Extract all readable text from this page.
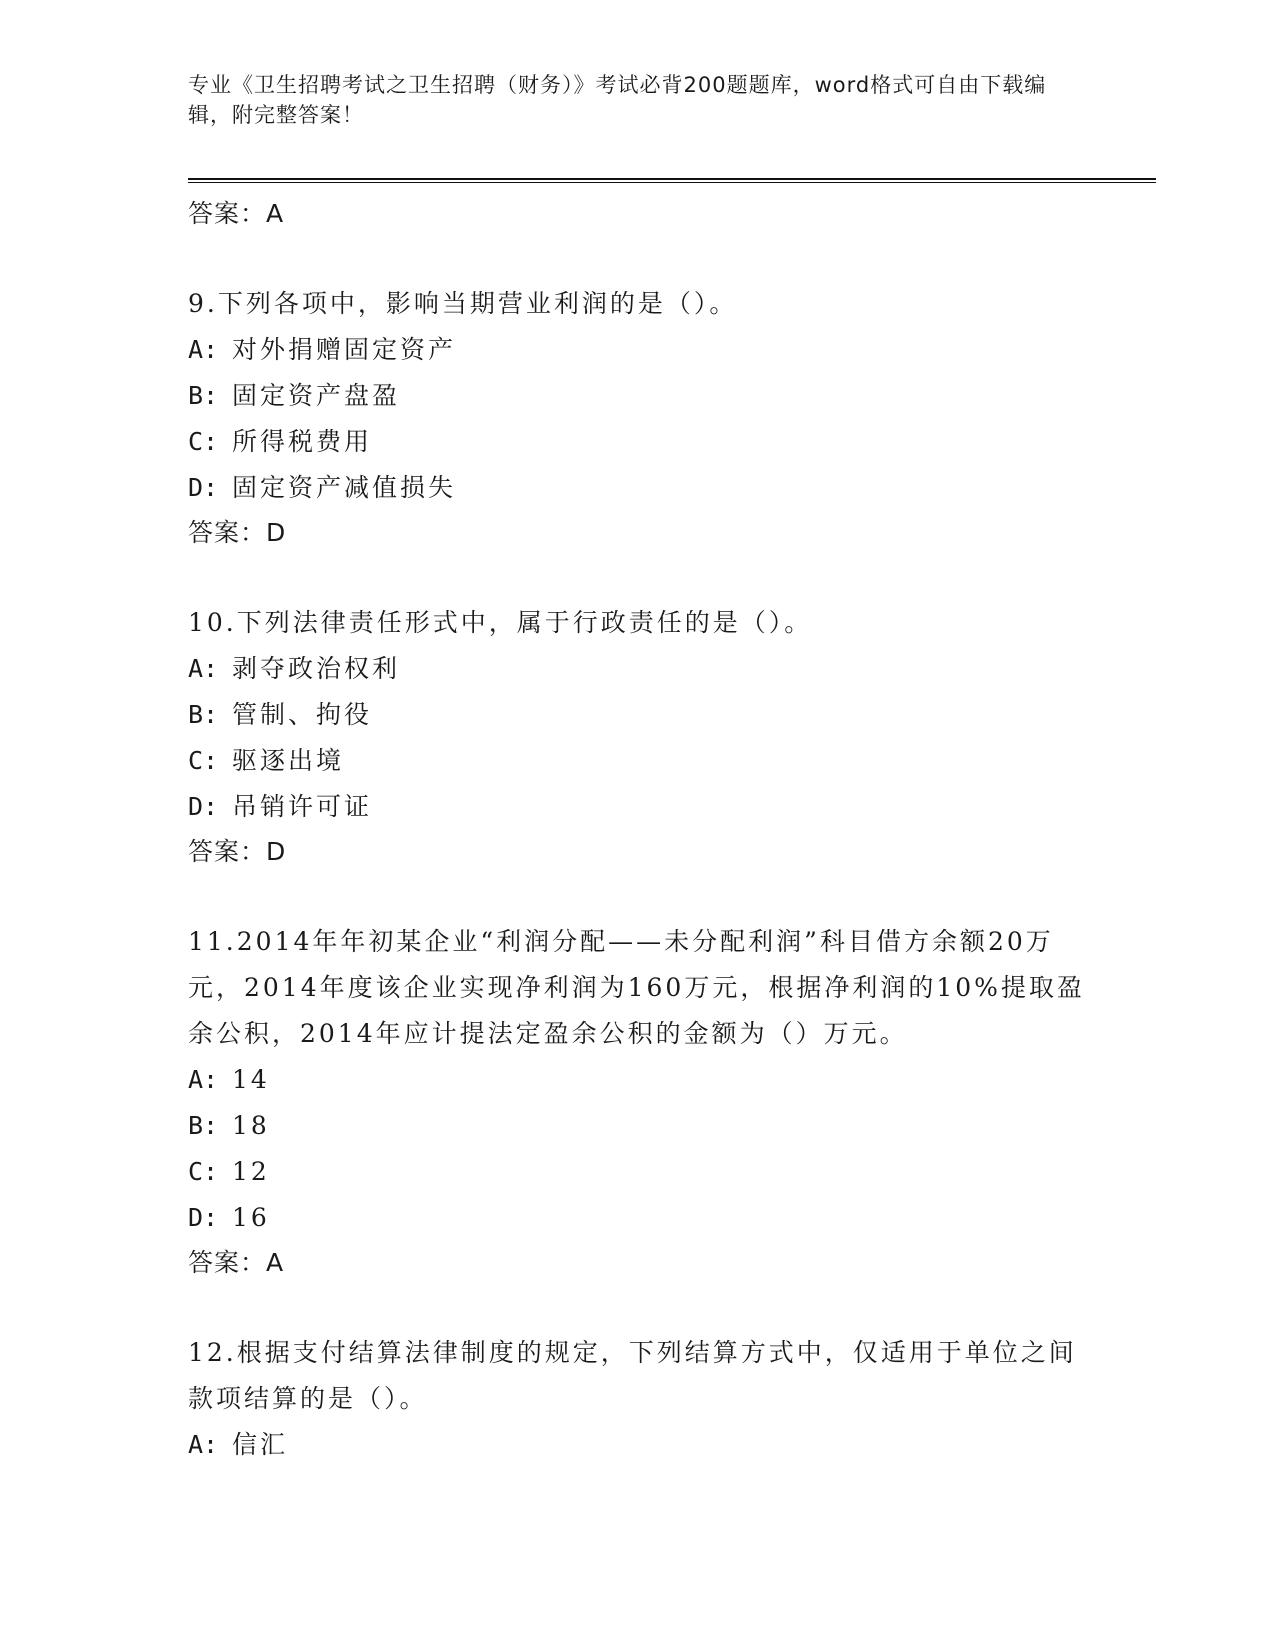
专业《卫生招聘考试之卫生招聘（财务）》考试必背200题题库，word格式可自由下载编辑，附完整答案！
答案：A
9.下列各项中，影响当期营业利润的是（）。
A: 对外捐赠固定资产
B: 固定资产盘盈
C: 所得税费用
D: 固定资产减值损失
答案：D
10.下列法律责任形式中，属于行政责任的是（）。
A: 剥夺政治权利
B: 管制、拘役
C: 驱逐出境
D: 吊销许可证
答案：D
11.2014年年初某企业“利润分配——未分配利润”科目借方余额20万元，2014年度该企业实现净利润为160万元，根据净利润的10%提取盈余公积，2014年应计提法定盈余公积的金额为（）万元。
A: 14
B: 18
C: 12
D: 16
答案：A
12.根据支付结算法律制度的规定，下列结算方式中，仅适用于单位之间款项结算的是（）。
A: 信汇
